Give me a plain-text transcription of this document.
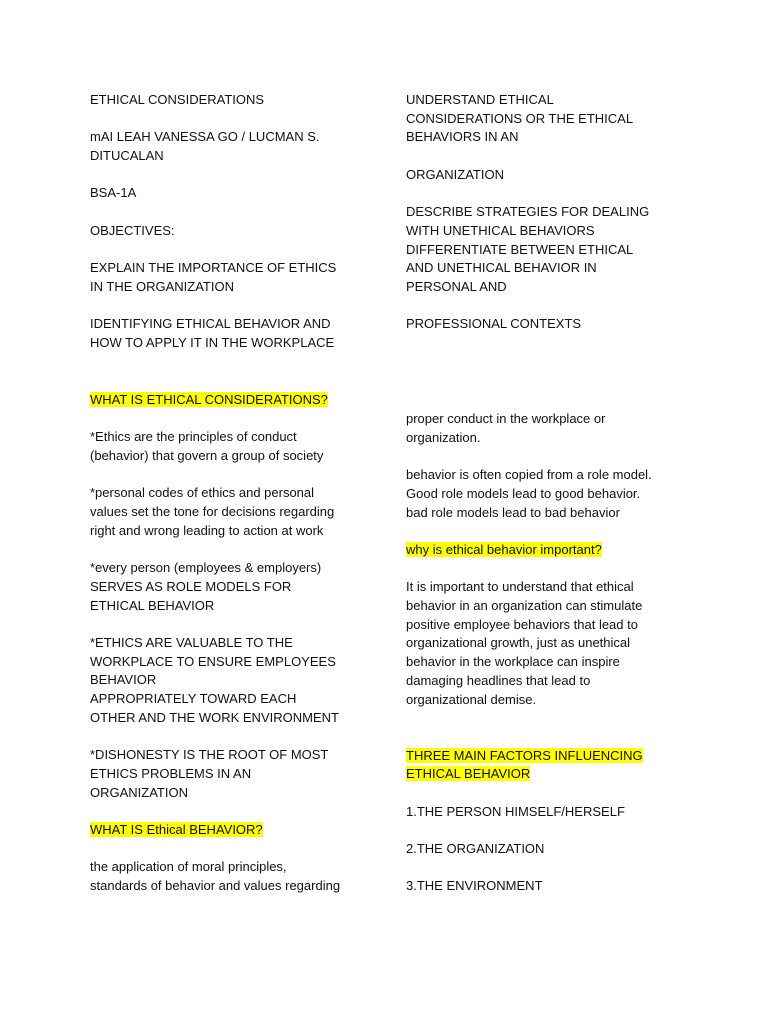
ETHICAL CONSIDERATIONS

mAI LEAH VANESSA GO / LUCMAN S.
DITUCALAN

BSA-1A

OBJECTIVES:

EXPLAIN THE IMPORTANCE OF ETHICS
IN THE ORGANIZATION

IDENTIFYING ETHICAL BEHAVIOR AND
HOW TO APPLY IT IN THE WORKPLACE

UNDERSTAND ETHICAL
CONSIDERATIONS OR THE ETHICAL
BEHAVIORS IN AN

ORGANIZATION

DESCRIBE STRATEGIES FOR DEALING
WITH UNETHICAL BEHAVIORS
DIFFERENTIATE BETWEEN ETHICAL
AND UNETHICAL BEHAVIOR IN
PERSONAL AND

PROFESSIONAL CONTEXTS

WHAT IS ETHICAL CONSIDERATIONS?

*Ethics are the principles of conduct
(behavior) that govern a group of society

*personal codes of ethics and personal
values set the tone for decisions regarding
right and wrong leading to action at work

*every person (employees & employers)
SERVES AS ROLE MODELS FOR
ETHICAL BEHAVIOR

*ETHICS ARE VALUABLE TO THE
WORKPLACE TO ENSURE EMPLOYEES
BEHAVIOR
APPROPRIATELY TOWARD EACH
OTHER AND THE WORK ENVIRONMENT

*DISHONESTY IS THE ROOT OF MOST
ETHICS PROBLEMS IN AN
ORGANIZATION

WHAT IS Ethical BEHAVIOR?

the application of moral principles,
standards of behavior and values regarding

proper conduct in the workplace or
organization.

behavior is often copied from a role model.
Good role models lead to good behavior.
bad role models lead to bad behavior

why is ethical behavior important?

It is important to understand that ethical
behavior in an organization can stimulate
positive employee behaviors that lead to
organizational growth, just as unethical
behavior in the workplace can inspire
damaging headlines that lead to
organizational demise.

THREE MAIN FACTORS INFLUENCING
ETHICAL BEHAVIOR

1.THE PERSON HIMSELF/HERSELF

2.THE ORGANIZATION

3.THE ENVIRONMENT
